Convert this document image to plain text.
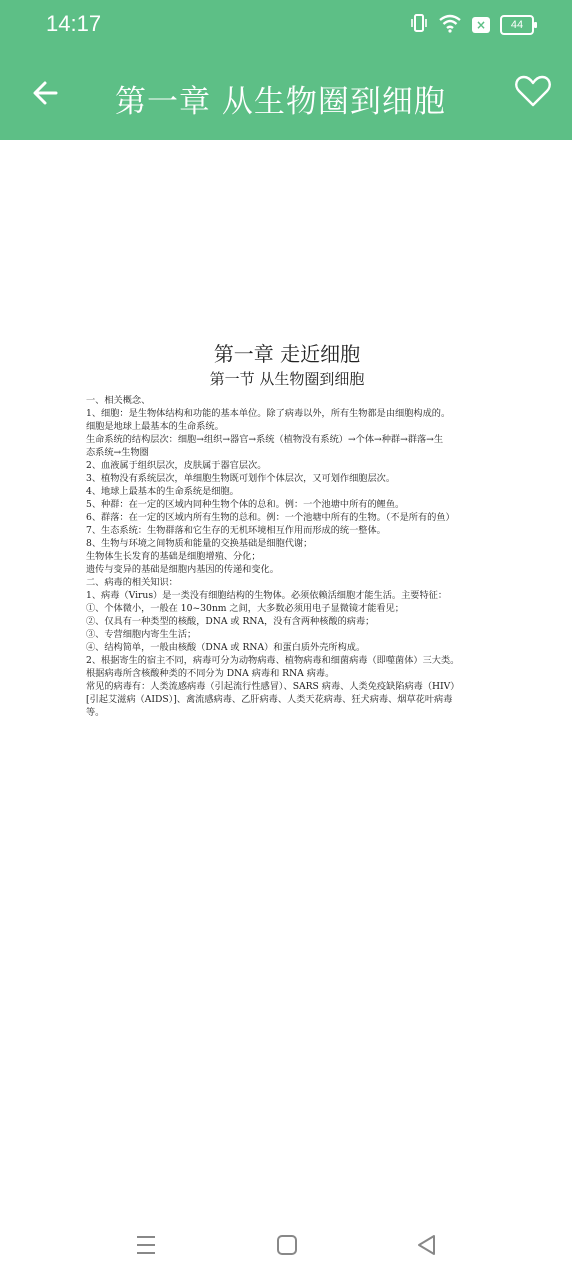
14:17	×	44
第一章 从生物圈到细胞

第一章 走近细胞

第一节 从生物圈到细胞

一、相关概念、
1、细胞：是生物体结构和功能的基本单位。除了病毒以外，所有生物都是由细胞构成的。
细胞是地球上最基本的生命系统。
生命系统的结构层次：细胞→组织→器官→系统（植物没有系统）→个体→种群→群落→生
态系统→生物圈
2、血液属于组织层次，皮肤属于器官层次。
3、植物没有系统层次，单细胞生物既可划作个体层次，又可划作细胞层次。
4、地球上最基本的生命系统是细胞。
5、种群：在一定的区域内同种生物个体的总和。例：一个池塘中所有的鲤鱼。
6、群落：在一定的区域内所有生物的总和。例：一个池塘中所有的生物。（不是所有的鱼）
7、生态系统：生物群落和它生存的无机环境相互作用而形成的统一整体。
8、生物与环境之间物质和能量的交换基础是细胞代谢；
生物体生长发育的基础是细胞增殖、分化；
遗传与变异的基础是细胞内基因的传递和变化。
二、病毒的相关知识：
1、病毒（Virus）是一类没有细胞结构的生物体。必须依赖活细胞才能生活。主要特征：
①、个体微小，一般在 10~30nm 之间，大多数必须用电子显微镜才能看见；
②、仅具有一种类型的核酸，DNA 或 RNA，没有含两种核酸的病毒；
③、专营细胞内寄生生活；
④、结构简单，一般由核酸（DNA 或 RNA）和蛋白质外壳所构成。
2、根据寄生的宿主不同，病毒可分为动物病毒、植物病毒和细菌病毒（即噬菌体）三大类。
根据病毒所含核酸种类的不同分为 DNA 病毒和 RNA 病毒。
常见的病毒有：人类流感病毒（引起流行性感冒）、SARS 病毒、人类免疫缺陷病毒（HIV）
[引起艾滋病（AIDS）]、禽流感病毒、乙肝病毒、人类天花病毒、狂犬病毒、烟草花叶病毒
等。
